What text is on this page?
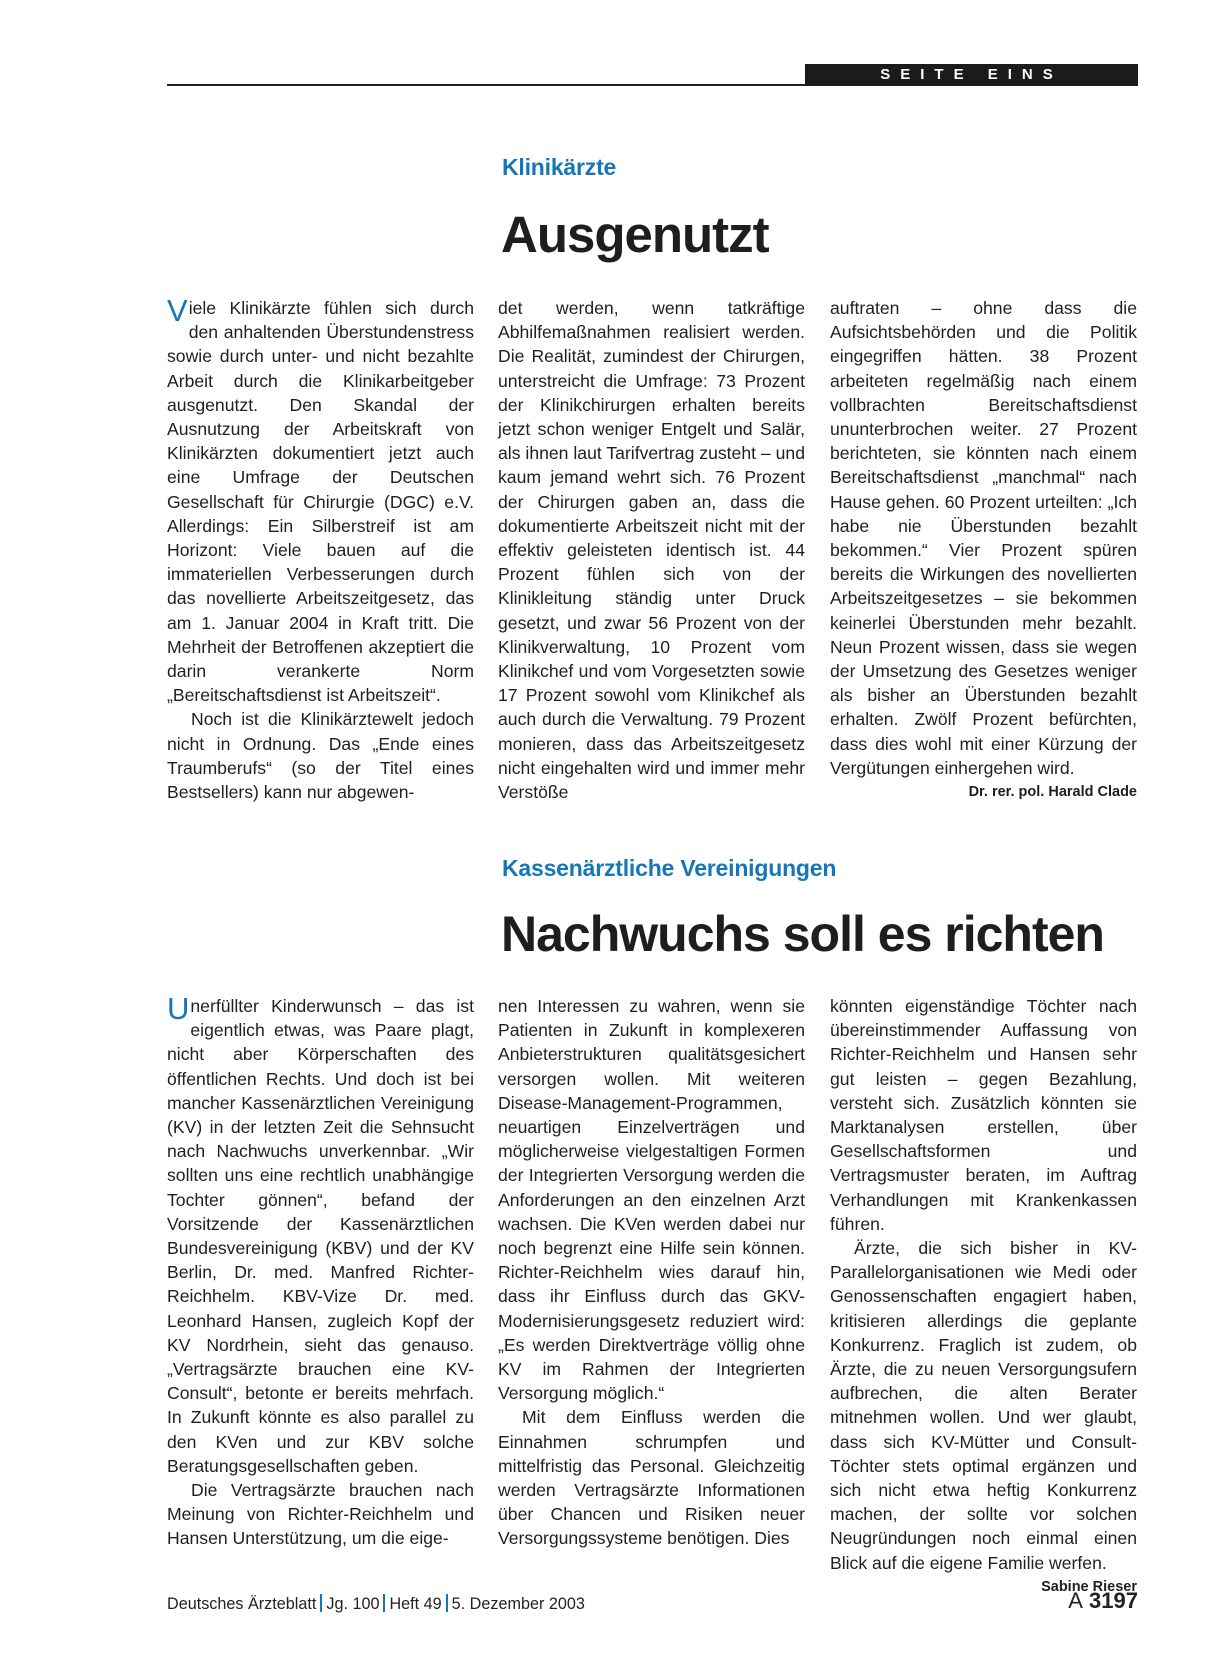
SEITE EINS
Klinikärzte
Ausgenutzt

Viele Klinikärzte fühlen sich durch den anhaltenden Überstundenstress sowie durch unter- und nicht bezahlte Arbeit durch die Klinikarbeitgeber ausgenutzt. Den Skandal der Ausnutzung der Arbeitskraft von Klinikärzten dokumentiert jetzt auch eine Umfrage der Deutschen Gesellschaft für Chirurgie (DGC) e.V. Allerdings: Ein Silberstreif ist am Horizont: Viele bauen auf die immateriellen Verbesserungen durch das novellierte Arbeitszeitgesetz, das am 1. Januar 2004 in Kraft tritt. Die Mehrheit der Betroffenen akzeptiert die darin verankerte Norm „Bereitschaftsdienst ist Arbeitszeit“.

Noch ist die Klinikärztewelt jedoch nicht in Ordnung. Das „Ende eines Traumberufs“ (so der Titel eines Bestsellers) kann nur abgewen-

det werden, wenn tatkräftige Abhilfemaßnahmen realisiert werden. Die Realität, zumindest der Chirurgen, unterstreicht die Umfrage: 73 Prozent der Klinikchirurgen erhalten bereits jetzt schon weniger Entgelt und Salär, als ihnen laut Tarifvertrag zusteht – und kaum jemand wehrt sich. 76 Prozent der Chirurgen gaben an, dass die dokumentierte Arbeitszeit nicht mit der effektiv geleisteten identisch ist. 44 Prozent fühlen sich von der Klinikleitung ständig unter Druck gesetzt, und zwar 56 Prozent von der Klinikverwaltung, 10 Prozent vom Klinikchef und vom Vorgesetzten sowie 17 Prozent sowohl vom Klinikchef als auch durch die Verwaltung. 79 Prozent monieren, dass das Arbeitszeitgesetz nicht eingehalten wird und immer mehr Verstöße

auftraten – ohne dass die Aufsichtsbehörden und die Politik eingegriffen hätten. 38 Prozent arbeiteten regelmäßig nach einem vollbrachten Bereitschaftsdienst ununterbrochen weiter. 27 Prozent berichteten, sie könnten nach einem Bereitschaftsdienst „manchmal“ nach Hause gehen. 60 Prozent urteilten: „Ich habe nie Überstunden bezahlt bekommen.“ Vier Prozent spüren bereits die Wirkungen des novellierten Arbeitszeitgesetzes – sie bekommen keinerlei Überstunden mehr bezahlt. Neun Prozent wissen, dass sie wegen der Umsetzung des Gesetzes weniger als bisher an Überstunden bezahlt erhalten. Zwölf Prozent befürchten, dass dies wohl mit einer Kürzung der Vergütungen einhergehen wird.
Dr. rer. pol. Harald Clade

Kassenärztliche Vereinigungen
Nachwuchs soll es richten

Unerfüllter Kinderwunsch – das ist eigentlich etwas, was Paare plagt, nicht aber Körperschaften des öffentlichen Rechts. Und doch ist bei mancher Kassenärztlichen Vereinigung (KV) in der letzten Zeit die Sehnsucht nach Nachwuchs unverkennbar. „Wir sollten uns eine rechtlich unabhängige Tochter gönnen“, befand der Vorsitzende der Kassenärztlichen Bundesvereinigung (KBV) und der KV Berlin, Dr. med. Manfred Richter-Reichhelm. KBV-Vize Dr. med. Leonhard Hansen, zugleich Kopf der KV Nordrhein, sieht das genauso. „Vertragsärzte brauchen eine KV-Consult“, betonte er bereits mehrfach. In Zukunft könnte es also parallel zu den KVen und zur KBV solche Beratungsgesellschaften geben.

Die Vertragsärzte brauchen nach Meinung von Richter-Reichhelm und Hansen Unterstützung, um die eige-

nen Interessen zu wahren, wenn sie Patienten in Zukunft in komplexeren Anbieterstrukturen qualitätsgesichert versorgen wollen. Mit weiteren Disease-Management-Programmen, neuartigen Einzelverträgen und möglicherweise vielgestaltigen Formen der Integrierten Versorgung werden die Anforderungen an den einzelnen Arzt wachsen. Die KVen werden dabei nur noch begrenzt eine Hilfe sein können. Richter-Reichhelm wies darauf hin, dass ihr Einfluss durch das GKV-Modernisierungsgesetz reduziert wird: „Es werden Direktverträge völlig ohne KV im Rahmen der Integrierten Versorgung möglich.“

Mit dem Einfluss werden die Einnahmen schrumpfen und mittelfristig das Personal. Gleichzeitig werden Vertragsärzte Informationen über Chancen und Risiken neuer Versorgungssysteme benötigen. Dies

könnten eigenständige Töchter nach übereinstimmender Auffassung von Richter-Reichhelm und Hansen sehr gut leisten – gegen Bezahlung, versteht sich. Zusätzlich könnten sie Marktanalysen erstellen, über Gesellschaftsformen und Vertragsmuster beraten, im Auftrag Verhandlungen mit Krankenkassen führen.

Ärzte, die sich bisher in KV-Parallelorganisationen wie Medi oder Genossenschaften engagiert haben, kritisieren allerdings die geplante Konkurrenz. Fraglich ist zudem, ob Ärzte, die zu neuen Versorgungsufern aufbrechen, die alten Berater mitnehmen wollen. Und wer glaubt, dass sich KV-Mütter und Consult-Töchter stets optimal ergänzen und sich nicht etwa heftig Konkurrenz machen, der sollte vor solchen Neugründungen noch einmal einen Blick auf die eigene Familie werfen.
Sabine Rieser

Deutsches Ärzteblatt Jg. 100 Heft 49 5. Dezember 2003	A 3197
